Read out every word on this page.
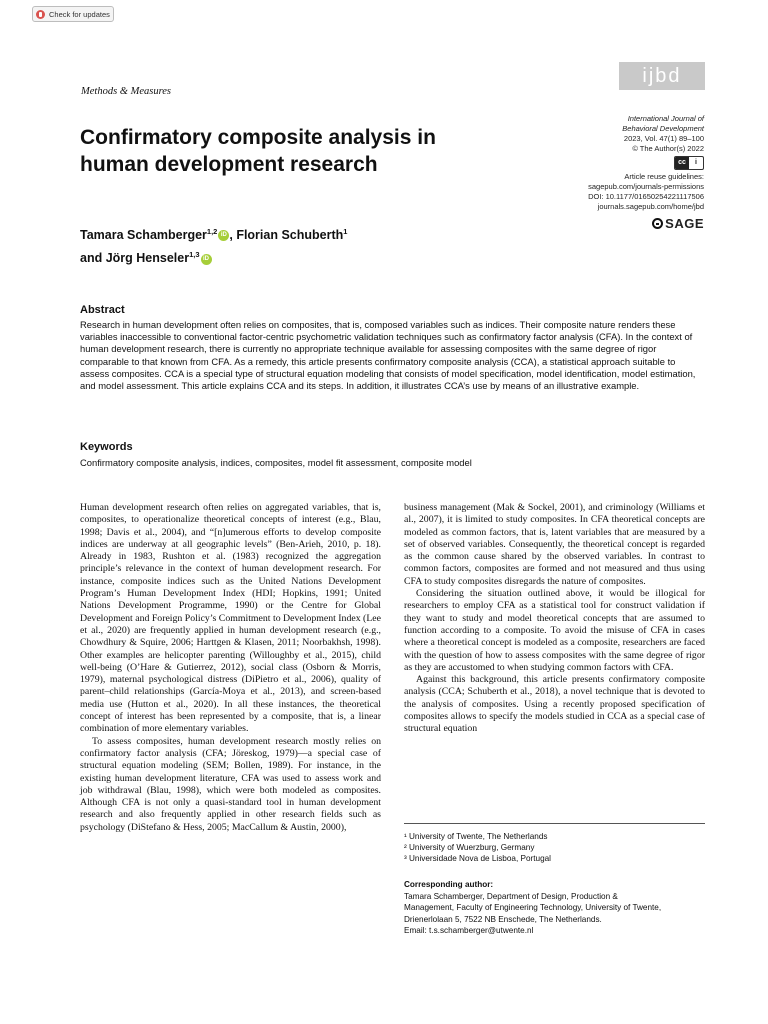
Check for updates
Methods & Measures
ijbd
Confirmatory composite analysis in
human development research
International Journal of
Behavioral Development
2023, Vol. 47(1) 89–100
© The Author(s) 2022
cc	i
Article reuse guidelines:
sagepub.com/journals-permissions
DOI: 10.1177/01650254221117506
journals.sagepub.com/home/jbd
SAGE
Tamara Schamberger$^{1,2}$ iD , Florian Schuberth$^1$
and Jörg Henseler$^{1,3}$ iD
Abstract

Research in human development often relies on composites, that is, composed variables such as indices. Their composite nature renders these variables inaccessible to conventional factor-centric psychometric validation techniques such as confirmatory factor analysis (CFA). In the context of human development research, there is currently no appropriate technique available for assessing composites with the same degree of rigor comparable to that known from CFA. As a remedy, this article presents confirmatory composite analysis (CCA), a statistical approach suitable to assess composites. CCA is a special type of structural equation modeling that consists of model specification, model identification, model estimation, and model assessment. This article explains CCA and its steps. In addition, it illustrates CCA’s use by means of an illustrative example.

Keywords

Confirmatory composite analysis, indices, composites, model fit assessment, composite model

Human development research often relies on aggregated variables, that is, composites, to operationalize theoretical concepts of interest (e.g., Blau, 1998; Davis et al., 2004), and “[n]umerous efforts to develop composite indices are underway at all geographic levels” (Ben-Arieh, 2010, p. 18). Already in 1983, Rushton et al. (1983) recognized the aggregation principle’s relevance in the context of human development research. For instance, composite indices such as the United Nations Development Program’s Human Development Index (HDI; Hopkins, 1991; United Nations Development Programme, 1990) or the Centre for Global Development and Foreign Policy’s Commitment to Development Index (Lee et al., 2020) are frequently applied in human development research (e.g., Chowdhury & Squire, 2006; Harttgen & Klasen, 2011; Noorbakhsh, 1998). Other examples are helicopter parenting (Willoughby et al., 2015), child well-being (O’Hare & Gutierrez, 2012), social class (Osborn & Morris, 1979), maternal psychological distress (DiPietro et al., 2006), quality of parent–child relationships (García-Moya et al., 2013), and screen-based media use (Hutton et al., 2020). In all these instances, the theoretical concept of interest has been represented by a composite, that is, a linear combination of more elementary variables.

To assess composites, human development research mostly relies on confirmatory factor analysis (CFA; Jöreskog, 1979)—a special case of structural equation modeling (SEM; Bollen, 1989). For instance, in the existing human development literature, CFA was used to assess work and job withdrawal (Blau, 1998), which were both modeled as composites. Although CFA is not only a quasi-standard tool in human development research and also frequently applied in other research fields such as psychology (DiStefano & Hess, 2005; MacCallum & Austin, 2000),

business management (Mak & Sockel, 2001), and criminology (Williams et al., 2007), it is limited to study composites. In CFA theoretical concepts are modeled as common factors, that is, latent variables that are measured by a set of observed variables. Consequently, the theoretical concept is regarded as the common cause shared by the observed variables. In contrast to common factors, composites are formed and not measured and thus using CFA to study composites disregards the nature of composites.

Considering the situation outlined above, it would be illogical for researchers to employ CFA as a statistical tool for construct validation if they want to study and model theoretical concepts that are assumed to function according to a composite. To avoid the misuse of CFA in cases where a theoretical concept is modeled as a composite, researchers are faced with the question of how to assess composites with the same degree of rigor as they are accustomed to when studying common factors with CFA.

Against this background, this article presents confirmatory composite analysis (CCA; Schuberth et al., 2018), a novel technique that is devoted to the analysis of composites. Using a recently proposed specification of composites allows to specify the models studied in CCA as a special case of structural equation

¹ University of Twente, The Netherlands
² University of Wuerzburg, Germany
³ Universidade Nova de Lisboa, Portugal
Corresponding author:
Tamara Schamberger, Department of Design, Production &
Management, Faculty of Engineering Technology, University of Twente,
Drienerlolaan 5, 7522 NB Enschede, The Netherlands.
Email: t.s.schamberger@utwente.nl
